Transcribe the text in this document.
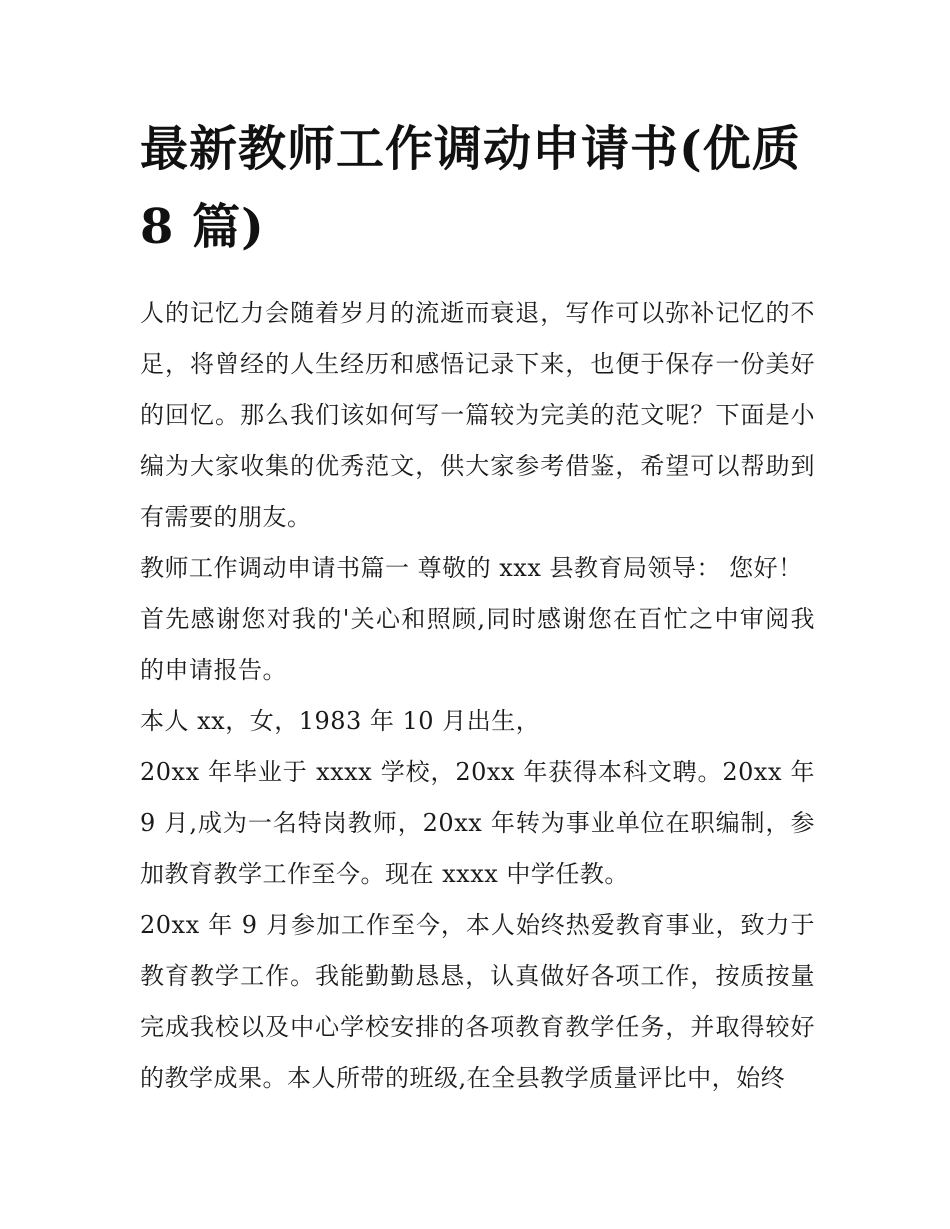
最新教师工作调动申请书(优质 8 篇)

人的记忆力会随着岁月的流逝而衰退，写作可以弥补记忆的不足，将曾经的人生经历和感悟记录下来，也便于保存一份美好的回忆。那么我们该如何写一篇较为完美的范文呢？下面是小编为大家收集的优秀范文，供大家参考借鉴，希望可以帮助到有需要的朋友。

教师工作调动申请书篇一 尊敬的 xxx 县教育局领导： 您好！

首先感谢您对我的'关心和照顾,同时感谢您在百忙之中审阅我的申请报告。

本人 xx，女，1983 年 10 月出生，

20xx 年毕业于 xxxx 学校，20xx 年获得本科文聘。20xx 年 9 月,成为一名特岗教师，20xx 年转为事业单位在职编制，参加教育教学工作至今。现在 xxxx 中学任教。

20xx 年 9 月参加工作至今，本人始终热爱教育事业，致力于教育教学工作。我能勤勤恳恳，认真做好各项工作，按质按量完成我校以及中心学校安排的各项教育教学任务，并取得较好的教学成果。本人所带的班级,在全县教学质量评比中，始终
